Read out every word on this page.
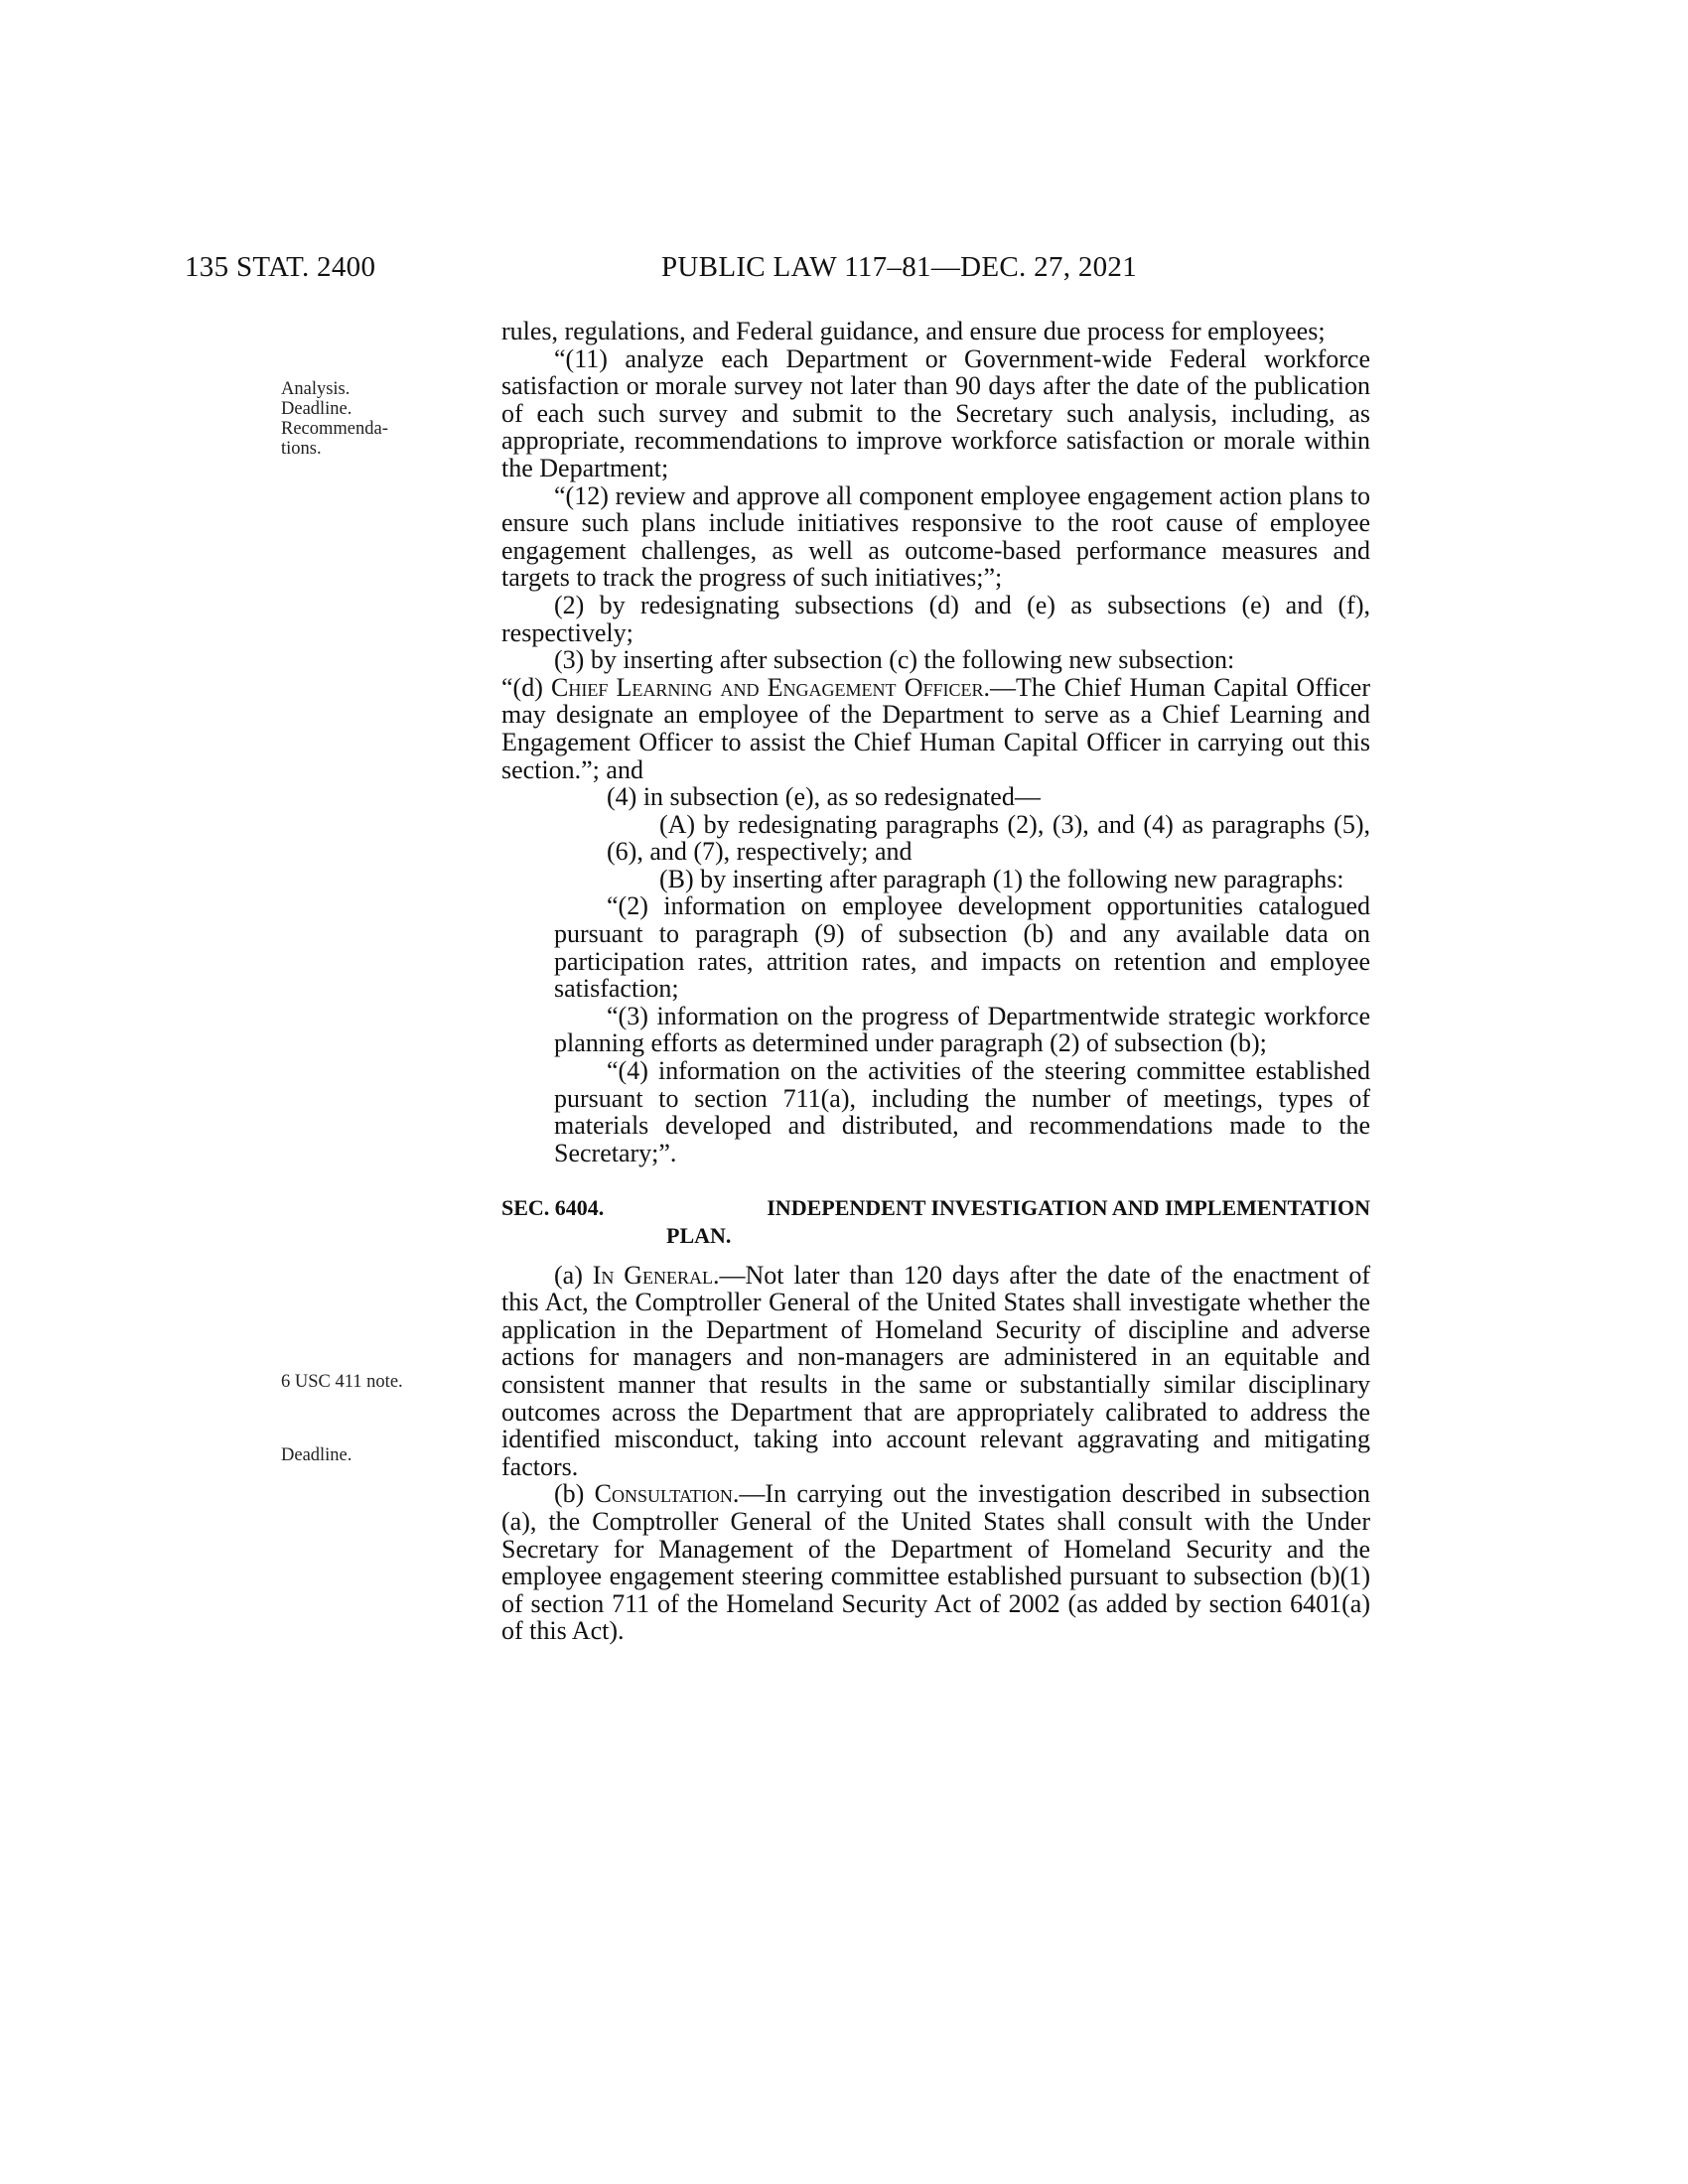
135 STAT. 2400	PUBLIC LAW 117–81—DEC. 27, 2021
Analysis.
Deadline.
Recommenda-
tions.
6 USC 411 note.
Deadline.

rules, regulations, and Federal guidance, and ensure due process for employees;

“(11) analyze each Department or Government-wide Federal workforce satisfaction or morale survey not later than 90 days after the date of the publication of each such survey and submit to the Secretary such analysis, including, as appropriate, recommendations to improve workforce satisfaction or morale within the Department;

“(12) review and approve all component employee engagement action plans to ensure such plans include initiatives responsive to the root cause of employee engagement challenges, as well as outcome-based performance measures and targets to track the progress of such initiatives;”;

(2) by redesignating subsections (d) and (e) as subsections (e) and (f), respectively;

(3) by inserting after subsection (c) the following new subsection:

“(d) Chief Learning and Engagement Officer.—The Chief Human Capital Officer may designate an employee of the Department to serve as a Chief Learning and Engagement Officer to assist the Chief Human Capital Officer in carrying out this section.”; and

(4) in subsection (e), as so redesignated—

(A) by redesignating paragraphs (2), (3), and (4) as paragraphs (5), (6), and (7), respectively; and

(B) by inserting after paragraph (1) the following new paragraphs:

“(2) information on employee development opportunities catalogued pursuant to paragraph (9) of subsection (b) and any available data on participation rates, attrition rates, and impacts on retention and employee satisfaction;

“(3) information on the progress of Departmentwide strategic workforce planning efforts as determined under paragraph (2) of subsection (b);

“(4) information on the activities of the steering committee established pursuant to section 711(a), including the number of meetings, types of materials developed and distributed, and recommendations made to the Secretary;”.

SEC. 6404.	INDEPENDENT INVESTIGATION AND IMPLEMENTATION
PLAN.

(a) In General.—Not later than 120 days after the date of the enactment of this Act, the Comptroller General of the United States shall investigate whether the application in the Department of Homeland Security of discipline and adverse actions for managers and non-managers are administered in an equitable and consistent manner that results in the same or substantially similar disciplinary outcomes across the Department that are appropriately calibrated to address the identified misconduct, taking into account relevant aggravating and mitigating factors.

(b) Consultation.—In carrying out the investigation described in subsection (a), the Comptroller General of the United States shall consult with the Under Secretary for Management of the Department of Homeland Security and the employee engagement steering committee established pursuant to subsection (b)(1) of section 711 of the Homeland Security Act of 2002 (as added by section 6401(a) of this Act).
